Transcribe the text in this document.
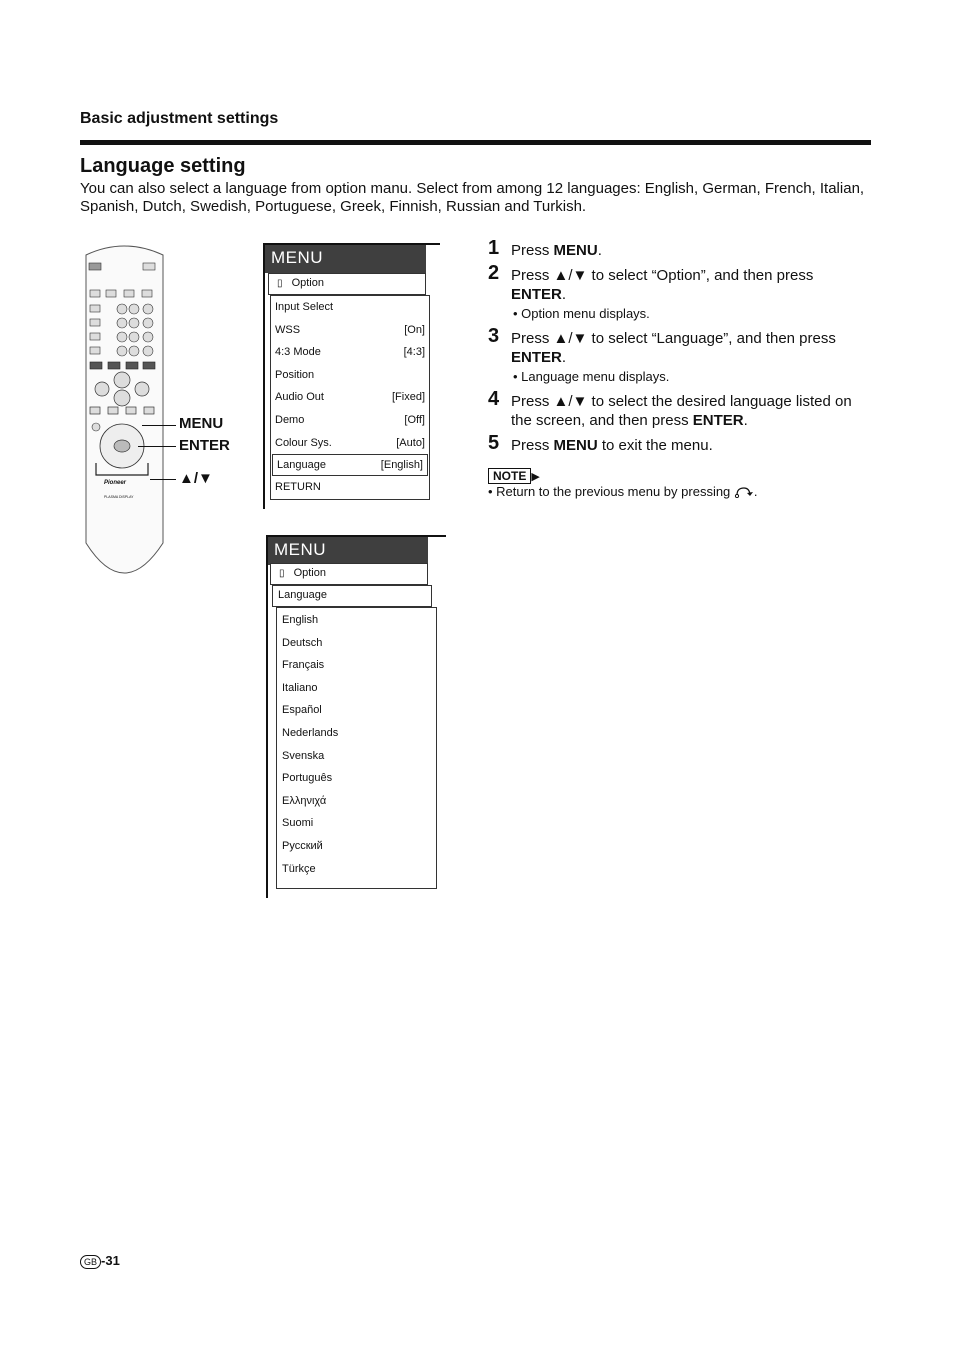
Basic adjustment settings
Language setting
You can also select a language from option manu. Select from among 12 languages: English, German, French, Italian, Spanish, Dutch, Swedish, Portuguese, Greek, Finnish, Russian and Turkish.
Pioneer
PLASMA DISPLAY
MENU
ENTER
▲/▼
MENU
▯ Option
Input Select
WSS	[On]
4:3 Mode	[4:3]
Position
Audio Out	[Fixed]
Demo	[Off]
Colour Sys.	[Auto]
Language	[English]
RETURN
MENU
▯ Option
Language
English
Deutsch
Français
Italiano
Español
Nederlands
Svenska
Português
Ελληνιχά
Suomi
Русский
Türkçe
1 Press MENU.
2 Press ▲/▼ to select “Option”, and then press ENTER.
• Option menu displays.
3 Press ▲/▼ to select “Language”, and then press ENTER.
• Language menu displays.
4 Press ▲/▼ to select the desired language listed on the screen, and then press ENTER.
5 Press MENU to exit the menu.
NOTE ▶
• Return to the previous menu by pressing .
GB -31
